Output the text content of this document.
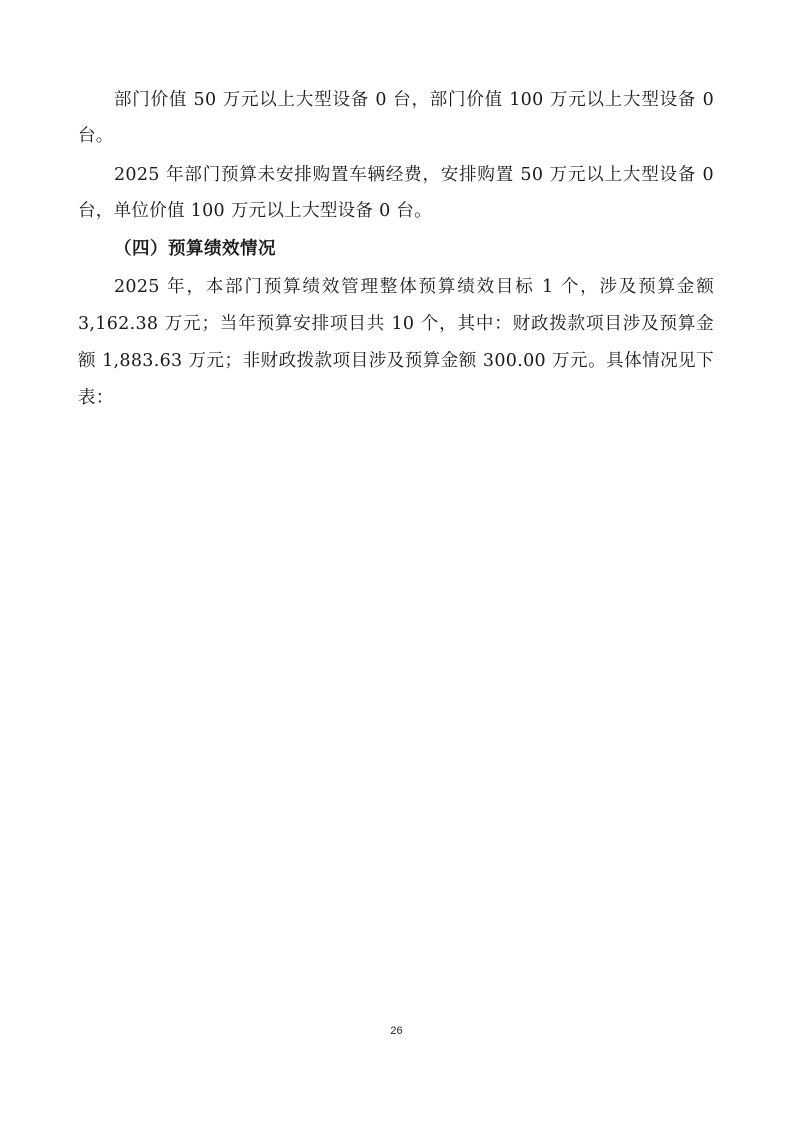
部门价值 50 万元以上大型设备 0 台，部门价值 100 万元以上大型设备 0
台。
2025 年部门预算未安排购置车辆经费，安排购置 50 万元以上大型设备 0
台，单位价值 100 万元以上大型设备 0 台。
（四）预算绩效情况
2025 年，本部门预算绩效管理整体预算绩效目标 1 个，涉及预算金额
3,162.38 万元；当年预算安排项目共 10 个，其中：财政拨款项目涉及预算金
额 1,883.63 万元；非财政拨款项目涉及预算金额 300.00 万元。具体情况见下
表：
26
